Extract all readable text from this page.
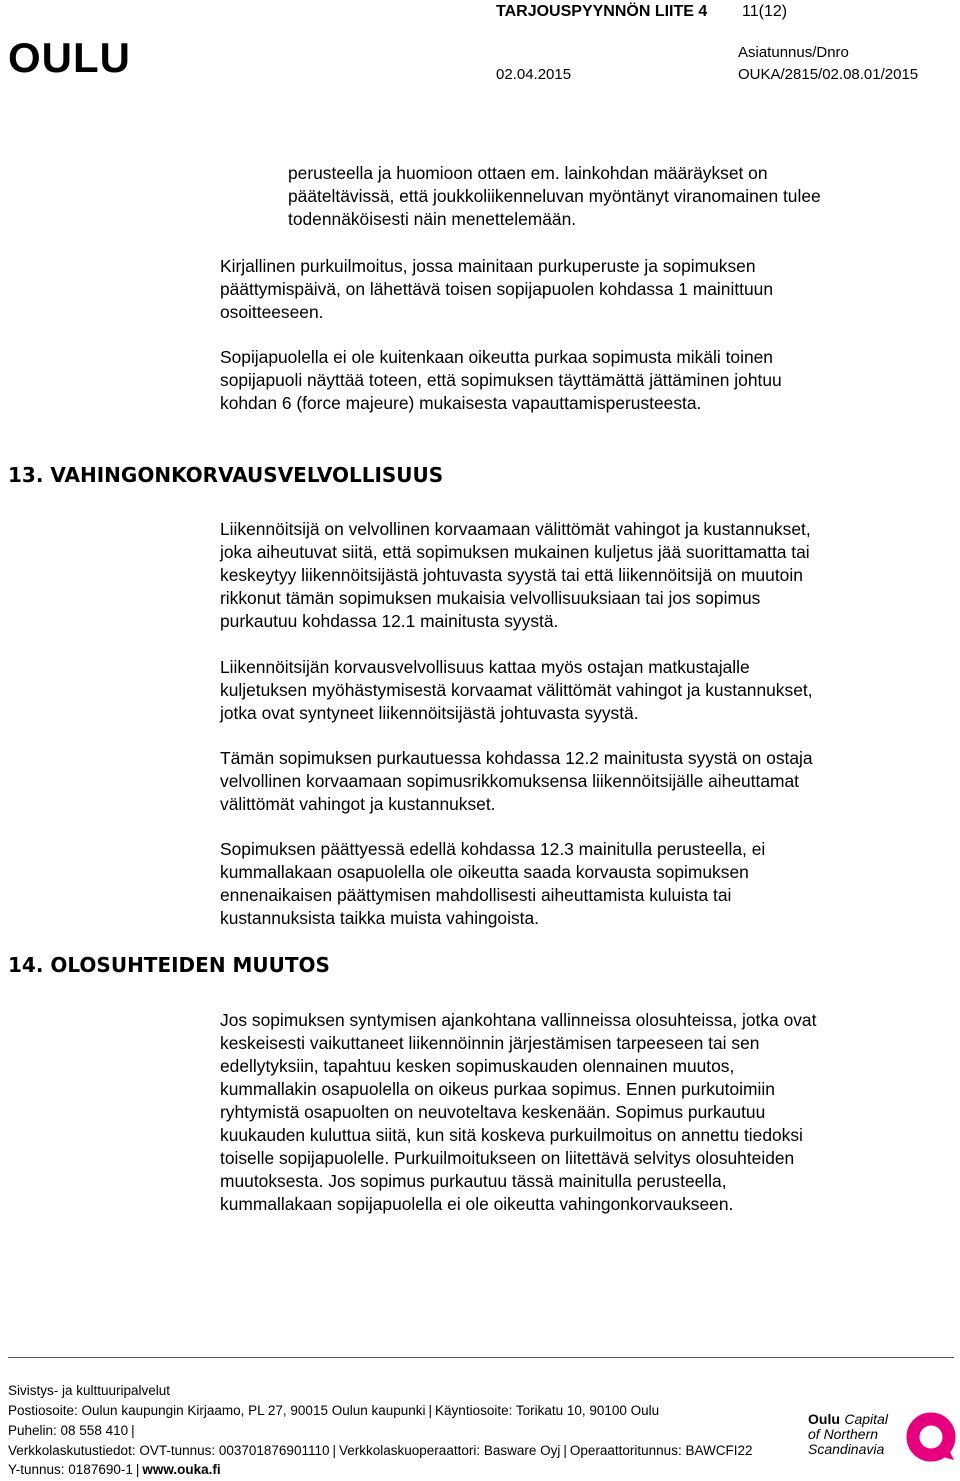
OULU
TARJOUSPYYNNÖN LIITE 4 11(12)
Asiatunnus/Dnro
02.04.2015	OUKA/2815/02.08.01/2015
perusteella ja huomioon ottaen em. lainkohdan määräykset on
pääteltävissä, että joukkoliikenneluvan myöntänyt viranomainen tulee
todennäköisesti näin menettelemään.
Kirjallinen purkuilmoitus, jossa mainitaan purkuperuste ja sopimuksen
päättymispäivä, on lähettävä toisen sopijapuolen kohdassa 1 mainittuun
osoitteeseen.
Sopijapuolella ei ole kuitenkaan oikeutta purkaa sopimusta mikäli toinen
sopijapuoli näyttää toteen, että sopimuksen täyttämättä jättäminen johtuu
kohdan 6 (force majeure) mukaisesta vapauttamisperusteesta.
13. VAHINGONKORVAUSVELVOLLISUUS
Liikennöitsijä on velvollinen korvaamaan välittömät vahingot ja kustannukset,
joka aiheutuvat siitä, että sopimuksen mukainen kuljetus jää suorittamatta tai
keskeytyy liikennöitsijästä johtuvasta syystä tai että liikennöitsijä on muutoin
rikkonut tämän sopimuksen mukaisia velvollisuuksiaan tai jos sopimus
purkautuu kohdassa 12.1 mainitusta syystä.
Liikennöitsijän korvausvelvollisuus kattaa myös ostajan matkustajalle
kuljetuksen myöhästymisestä korvaamat välittömät vahingot ja kustannukset,
jotka ovat syntyneet liikennöitsijästä johtuvasta syystä.
Tämän sopimuksen purkautuessa kohdassa 12.2 mainitusta syystä on ostaja
velvollinen korvaamaan sopimusrikkomuksensa liikennöitsijälle aiheuttamat
välittömät vahingot ja kustannukset.
Sopimuksen päättyessä edellä kohdassa 12.3 mainitulla perusteella, ei
kummallakaan osapuolella ole oikeutta saada korvausta sopimuksen
ennenaikaisen päättymisen mahdollisesti aiheuttamista kuluista tai
kustannuksista taikka muista vahingoista.
14. OLOSUHTEIDEN MUUTOS
Jos sopimuksen syntymisen ajankohtana vallinneissa olosuhteissa, jotka ovat
keskeisesti vaikuttaneet liikennöinnin järjestämisen tarpeeseen tai sen
edellytyksiin, tapahtuu kesken sopimuskauden olennainen muutos,
kummallakin osapuolella on oikeus purkaa sopimus. Ennen purkutoimiin
ryhtymistä osapuolten on neuvoteltava keskenään. Sopimus purkautuu
kuukauden kuluttua siitä, kun sitä koskeva purkuilmoitus on annettu tiedoksi
toiselle sopijapuolelle. Purkuilmoitukseen on liitettävä selvitys olosuhteiden
muutoksesta. Jos sopimus purkautuu tässä mainitulla perusteella,
kummallakaan sopijapuolella ei ole oikeutta vahingonkorvaukseen.
Sivistys- ja kulttuuripalvelut
Postiosoite: Oulun kaupungin Kirjaamo, PL 27, 90015 Oulun kaupunki | Käyntiosoite: Torikatu 10, 90100 Oulu
Puhelin: 08 558 410 |
Verkkolaskutustiedot: OVT-tunnus: 003701876901110 | Verkkolaskuoperaattori: Basware Oyj | Operaattoritunnus: BAWCFI22
Y-tunnus: 0187690-1 | www.ouka.fi
Oulu Capital
of Northern
Scandinavia
